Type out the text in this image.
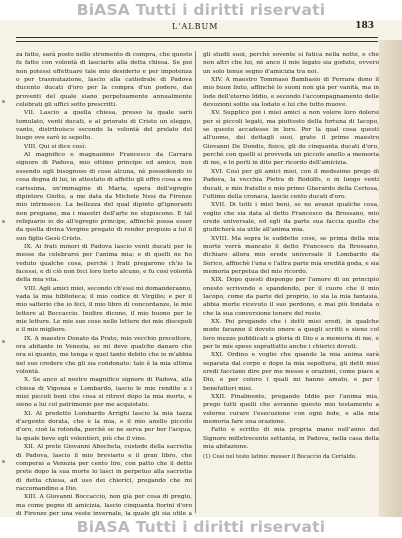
BiASA Tutti i diritti riservati
L'ALBUM	183

za fatto, sarà posto nello stromento di compra, che questo fu fatto con volontà di lasciarlo alla detta chiesa. Se poi non potessi effettuare tale mio desiderio e per impotenza o per trasmutazione, lascio alla cattedrale di Padova ducento ducati d'oro per la compra d'un podere, dai proventi del quale siano perpetuamente annualmente celebrati gli uffici sotto prescritti.

VII. Lascio a quella chiesa, presso la quale sarò tumulato, venti ducati, e al priorato di Cristo un eleggo, vanto, distribuisco secondo la volontà del prelato del luogo ove sarò io sepolto.

VIII. Qui si dice così:

Al magnifico e magnanimo Francesco da Carrara signore di Padova, mio ottimo principe ed amico, non essendo egli bisognoso di cose alcuna, nè possedendo io cosa degna di lui, in attestato di affetto gli offro cosa a me carissima, un'immagine di Maria, opera dell'egregio dipintore Giotto, a me data da Michele Nesi da Firenze mio intrinseco. La bellezza del qual dipinto gl'ignoranti non pregiano, ma i maestri dell'arte ne stupiscono. E tal reliquario io do all'egregio principe, affinchè possa esser da quella divina Vergine pregato di render propizio a lui il suo figlio Gesù Cristo.

IX. Ai frati minori di Padova lascio venti ducati per le messe da celebrarsi per l'anima mia; e di quelli ne ho veduto qualche cosa, perchè i frati pregarono ch'io la facessi, e di ciò non feci loro torto alcuno, e fu così volontà della mia vita.

VIII. Agli amici miei, secondo ch'essi mi domanderanno, vada la mia biblioteca; il mio codice di Virgilio; e per il mio salterio che io feci, il mio libro di concordanze, le mie lettere al Boccaccio. Inoltre dicono, il mio buono per le mie letture. Le mie sue cose nelle lettere dei mie discepoli e il mio migliore.

IX. A maestro Donato da Prato, mio vecchio precettore, ora abitante in Venezia, se mi deve qualche danaro che ora ei quanto, me tenga o quel tanto debito che io m'abbia nel suo credere che gli sia condonato: tale è la mia ultima volontà.

X. Se anco al nostro magnifico signore di Padova, alla chiesa di Vigonza e Lombardo, lascio le mie rendite e i miei piccoli beni che cosa si ritrovi dopo la mia morte, e sieno a lui col patrimonio per me acquistato.

XI. Al predetto Lombardo Arrighi lascio la mia tazza d'argento dorata, che è la mia, e il mio anello piccolo d'oro, cioè la rotonda, perchè se ne serva per ber l'acqua, la quale beve egli volentieri, più che il vino.

XII. Al prete Giovanni Abocheta, custode della sacristia di Padova, lascio il mio breviario e il gran libro, che comperai a Venezia per cento lire, con patto che il detto prete dopo la sua morte lo lasci in perpetuo alla sacristia di detta chiesa, ad uso dei chierici, pregando che mi raccomandino a Dio.

XIII. A Giovanni Boccaccio, non già per cosa di pregio, ma come pegno di amicizia, lascio cinquanta fiorini d'oro di Firenze per una veste invernale, la quale gli sia utile a

gli studii suoi, perchè sovente si fatica nella notte, e che non altri che lui, nè anco il mio legato sia goduto, ovvero un solo tenue segno d'amicizia tra noi.

XIV. A maestro Tommaso Bambasio di Ferrara dono il mio buon liuto, affinchè lo suoni non già per vanità, ma in lode dell'eterno Iddio, e secondo l'accompagnamento delle devozioni solite sia lodato e lui che tutto muove.

XV. Supplico poi i miei amici a non volere loro dolersi per sì piccoli legati, ma piuttosto della fortuna di Iacopo, se questo accadesse in loro. Per la qual cosa questi all'uomo, dei dettagli suoi, grato il primo maestro Giovanni De Dondis, fisico, gli do cinquanta ducati d'oro, perchè con quelli si provveda un piccolo anello a memoria di me, e lo porti in dito per ricordo dell'amicizia.

XVI. Così per gli amici miei, con il medesimo prego di Padova, la vecchia Pietra di Rodolfo, o in luogo venti ducati, e mio fratello e mio primo Gherardo della Certosa, l'ultimo della cronaca, lascio cento ducati d'oro.

XVII. Di tutti i miei beni, se ne avanzi qualche cosa, voglio che sia data al detto Francesco da Brossano, mio erede universale, ed egli da parte sua faccia quello che giudicherà sia utile all'anima mia.

XVIII. Ma sopra le suddette cose, se prima della mia morte verrà mancato il detto Francesco da Brossano, dichiaro allora mio erede universale il Lombardo da Serico, affinchè l'una e l'altra parte mia eredità goda, e sia memoria perpetua del mio ricordo.

XIX. Dopo questi dispongo per l'amore di un principio onesto scrivendo e spandendo, per il cuore che il mio Iacopo, come da parte del proprio, io sia la mia fantasia, abbia morte ricevuto il suo perdono, e mai più fondata o che la sua conversione tenere del resto.

XX. Poi pregando che i detti miei eredi, in qualche modo faranno il dovuto onore a quegli scritti e sieno col loro mezzo pubblicati a gloria di Dio e a memoria di me, e per le mie spese soprattutto anche i chierici dovuti.

XXI. Ordino e voglio che quando la mia anima sarà separata dal corpo e dopo la mia sepoltura, gli detti miei eredi facciano dire per me messe e orazioni, come piace a Dio, e per coloro i quali mi hanno amato, e per i benefattori miei.

XXII. Finalmente, pregando Iddio per l'anima mia, prego tutti quelli che avranno questo mio testamento a volerne curare l'esecuzione con ogni fede, e alla mia memoria fare una orazione.

Fatto e scritto di mia propria mano nell'anno del Signore milletrecento settanta, in Padova, nella casa della mia abitazione.

(1) Così nel testo latino: messer il Bocaccio da Certaldo.
BiASA Tutti i diritti riservati
